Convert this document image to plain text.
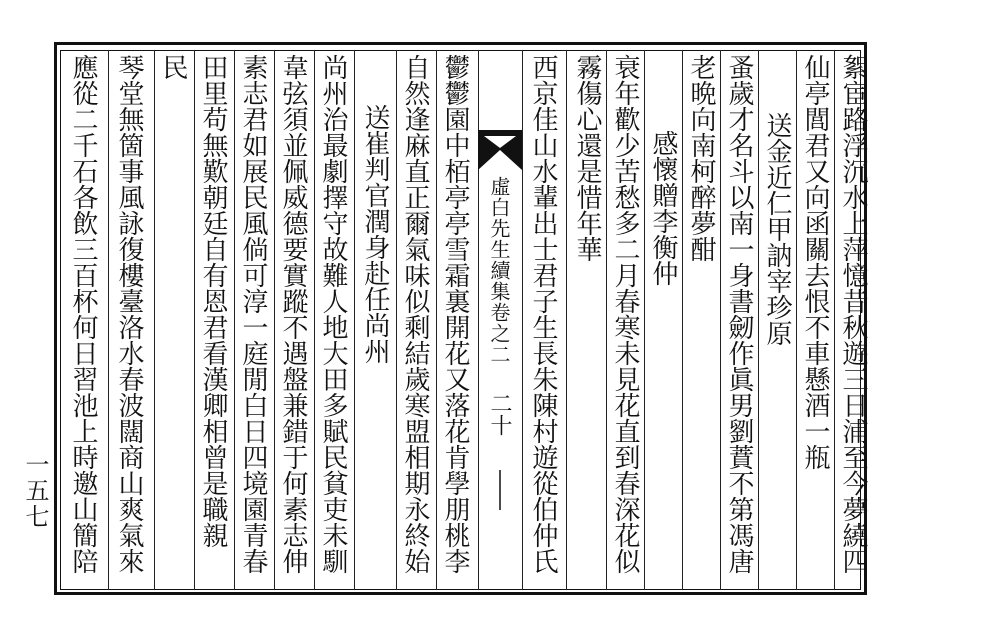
虛白先生續集卷之二
二十	絮宦路浮沉水上萍憶昔秋遊三日浦至今夢繞四
仙亭閭君又向函關去恨不車懸酒一瓶
送金近仁甲訥宰珍原
蚤歲才名斗以南一身書劒作眞男劉蕡不第馮唐
老晩向南柯醉夢酣
感懷贈李衡仲
衰年歡少苦愁多二月春寒未見花直到春深花似
霧傷心還是惜年華
西京佳山水輩出士君子生長朱陳村遊從伯仲氏
鬱鬱園中栢亭亭雪霜裏開花又落花肯學朋桃李
自然逢麻直正爾氣味似剩結歲寒盟相期永終始
送崔判官潤身赴任尚州
尚州治最劇擇守故難人地大田多賦民貧吏未馴
韋弦須並佩威德要實蹤不遇盤兼錯于何素志伸
素志君如展民風倘可淳一庭閒白日四境園青春
田里苟無歎朝廷自有恩君看漢卿相曾是職親
民
琴堂無箇事風詠復樓臺洛水春波闊商山爽氣來
應從二千石各飲三百杯何日習池上時邀山簡陪
一五七
